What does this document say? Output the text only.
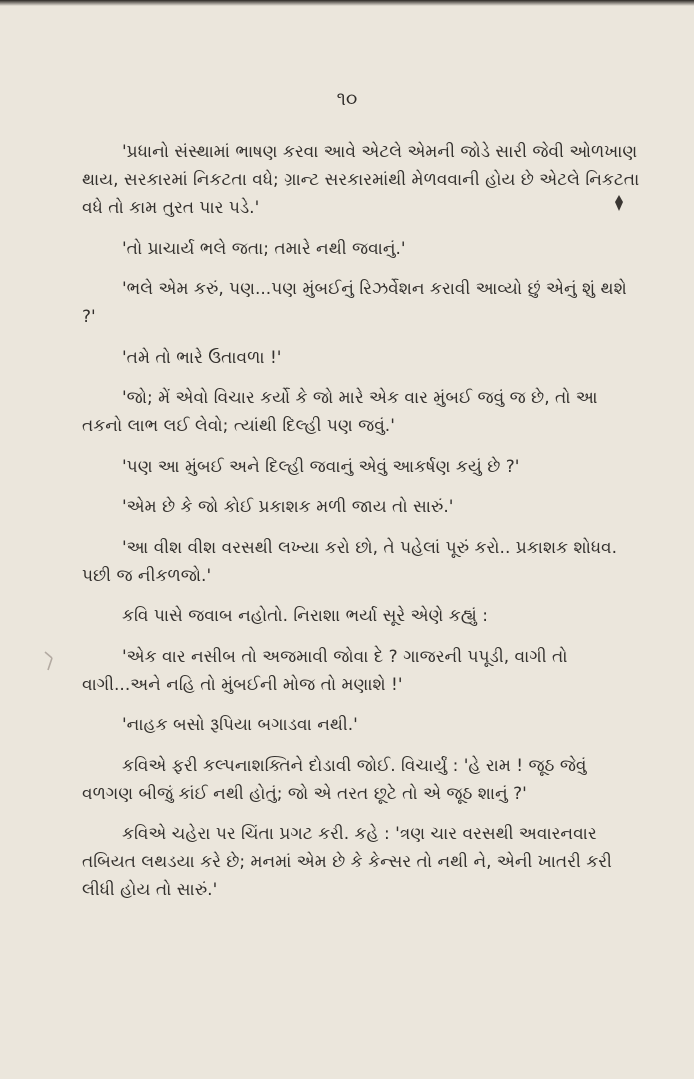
૧૦

'પ્રધાનો સંસ્થામાં ભાષણ કરવા આવે એટલે એમની જોડે સારી જેવી ઓળખાણ થાય, સરકારમાં નિકટતા વધે; ગ્રાન્ટ સરકારમાંથી મેળવવાની હોય છે એટલે નિકટતા વધે તો કામ તુરત પાર પડે.'

'તો પ્રાચાર્ય ભલે જતા; તમારે નથી જવાનું.'

'ભલે એમ કરું, પણ...પણ મુંબઈનું રિઝર્વેશન કરાવી આવ્યો છું એનું શું થશે ?'

'તમે તો ભારે ઉતાવળા !'

'જો; મેં એવો વિચાર કર્યો કે જો મારે એક વાર મુંબઈ જવું જ છે, તો આ તકનો લાભ લઈ લેવો; ત્યાંથી દિલ્હી પણ જવું.'

'પણ આ મુંબઈ અને દિલ્હી જવાનું એવું આકર્ષણ કયું છે ?'

'એમ છે કે જો કોઈ પ્રકાશક મળી જાય તો સારું.'

'આ વીશ વીશ વરસથી લખ્યા કરો છો, તે પહેલાં પૂરું કરો.. પ્રકાશક શોધવ. પછી જ નીકળજો.'

કવિ પાસે જવાબ નહોતો. નિરાશા ભર્યા સૂરે એણે કહ્યું :

'એક વાર નસીબ તો અજમાવી જોવા દે ? ગાજરની પપૂડી, વાગી તો વાગી...અને નહિ તો મુંબઈની મોજ તો મણાશે !'

'નાહક બસો રૂપિયા બગાડવા નથી.'

કવિએ ફરી કલ્પનાશક્તિને દોડાવી જોઈ. વિચાર્યું : 'હે રામ ! જૂઠ જેવું વળગણ બીજું કાંઈ નથી હોતું; જો એ તરત છૂટે તો એ જૂઠ શાનું ?'

કવિએ ચહેરા પર ચિંતા પ્રગટ કરી. કહે : 'ત્રણ ચાર વરસથી અવારનવાર તબિયત લથડયા કરે છે; મનમાં એમ છે કે કેન્સર તો નથી ને, એની ખાતરી કરી લીધી હોય તો સારું.'
